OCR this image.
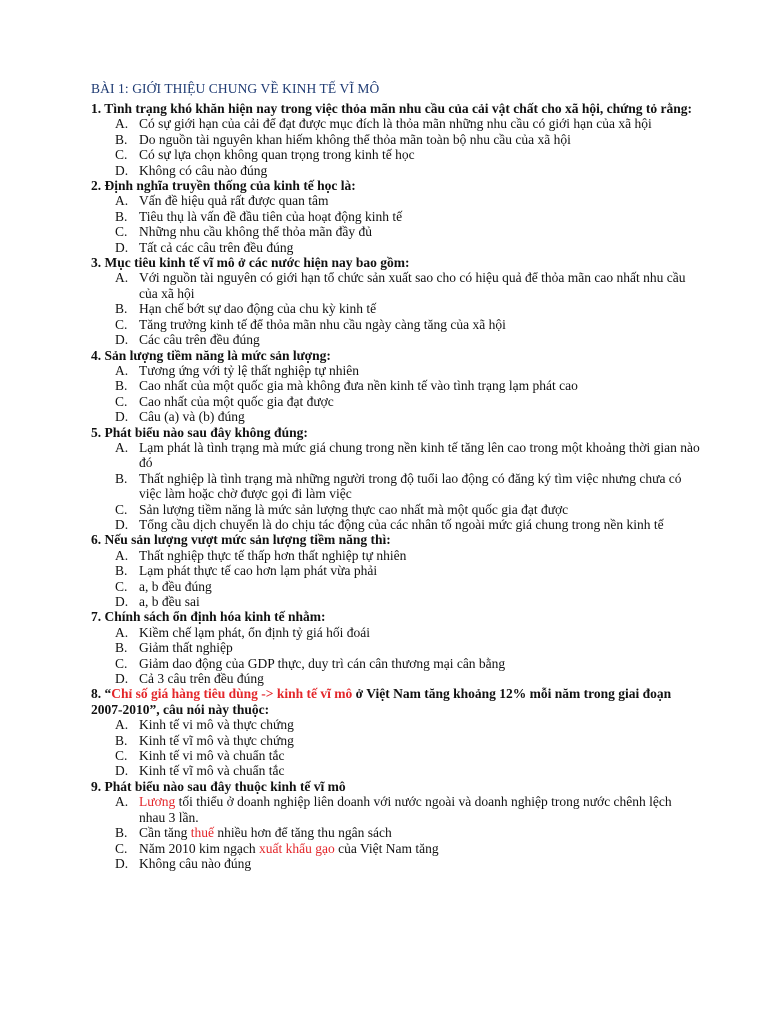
BÀI 1: GIỚI THIỆU CHUNG VỀ KINH TẾ VĨ MÔ

1. Tình trạng khó khăn hiện nay trong việc thỏa mãn nhu cầu của cải vật chất cho xã hội, chứng tỏ rằng:

A. Có sự giới hạn của cải để đạt được mục đích là thỏa mãn những nhu cầu có giới hạn của xã hội
B. Do nguồn tài nguyên khan hiếm không thể thỏa mãn toàn bộ nhu cầu của xã hội
C. Có sự lựa chọn không quan trọng trong kinh tế học
D. Không có câu nào đúng

2. Định nghĩa truyền thống của kinh tế học là:

A. Vấn đề hiệu quả rất được quan tâm
B. Tiêu thụ là vấn đề đầu tiên của hoạt động kinh tế
C. Những nhu cầu không thể thỏa mãn đầy đủ
D. Tất cả các câu trên đều đúng

3. Mục tiêu kinh tế vĩ mô ở các nước hiện nay bao gồm:

A. Với nguồn tài nguyên có giới hạn tổ chức sản xuất sao cho có hiệu quả để thỏa mãn cao nhất nhu cầu của xã hội
B. Hạn chế bớt sự dao động của chu kỳ kinh tế
C. Tăng trưởng kinh tế để thỏa mãn nhu cầu ngày càng tăng của xã hội
D. Các câu trên đều đúng

4. Sản lượng tiềm năng là mức sản lượng:

A. Tương ứng với tỷ lệ thất nghiệp tự nhiên
B. Cao nhất của một quốc gia mà không đưa nền kinh tế vào tình trạng lạm phát cao
C. Cao nhất của một quốc gia đạt được
D. Câu (a) và (b) đúng

5. Phát biểu nào sau đây không đúng:

A. Lạm phát là tình trạng mà mức giá chung trong nền kinh tế tăng lên cao trong một khoảng thời gian nào đó
B. Thất nghiệp là tình trạng mà những người trong độ tuổi lao động có đăng ký tìm việc nhưng chưa có việc làm hoặc chờ được gọi đi làm việc
C. Sản lượng tiềm năng là mức sản lượng thực cao nhất mà một quốc gia đạt được
D. Tổng cầu dịch chuyển là do chịu tác động của các nhân tố ngoài mức giá chung trong nền kinh tế

6. Nếu sản lượng vượt mức sản lượng tiềm năng thì:

A. Thất nghiệp thực tế thấp hơn thất nghiệp tự nhiên
B. Lạm phát thực tế cao hơn lạm phát vừa phải
C. a, b đều đúng
D. a, b đều sai

7. Chính sách ổn định hóa kinh tế nhằm:

A. Kiềm chế lạm phát, ổn định tỷ giá hối đoái
B. Giảm thất nghiệp
C. Giảm dao động của GDP thực, duy trì cán cân thương mại cân bằng
D. Cả 3 câu trên đều đúng

8. “Chỉ số giá hàng tiêu dùng -> kinh tế vĩ mô ở Việt Nam tăng khoảng 12% mỗi năm trong giai đoạn 2007-2010”, câu nói này thuộc:

A. Kinh tế vi mô và thực chứng
B. Kinh tế vĩ mô và thực chứng
C. Kinh tế vi mô và chuẩn tắc
D. Kinh tế vĩ mô và chuẩn tắc

9. Phát biểu nào sau đây thuộc kinh tế vĩ mô

A. Lương tối thiểu ở doanh nghiệp liên doanh với nước ngoài và doanh nghiệp trong nước chênh lệch nhau 3 lần.
B. Cần tăng thuế nhiều hơn để tăng thu ngân sách
C. Năm 2010 kim ngạch xuất khẩu gạo của Việt Nam tăng
D. Không câu nào đúng
